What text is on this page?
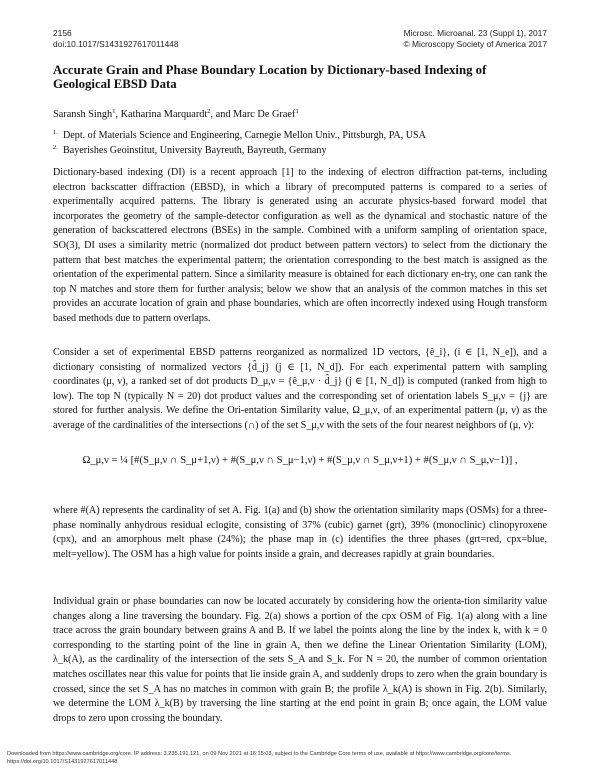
2156
doi:10.1017/S1431927617011448
Microsc. Microanal. 23 (Suppl 1), 2017
© Microscopy Society of America 2017
Accurate Grain and Phase Boundary Location by Dictionary-based Indexing of Geological EBSD Data
Saransh Singh$^1$, Katharina Marquardt$^2$, and Marc De Graef$^1$
1. Dept. of Materials Science and Engineering, Carnegie Mellon Univ., Pittsburgh, PA, USA
2. Bayerishes Geoinstitut, University Bayreuth, Bayreuth, Germany
Dictionary-based indexing (DI) is a recent approach [1] to the indexing of electron diffraction pat-terns, including electron backscatter diffraction (EBSD), in which a library of precomputed patterns is compared to a series of experimentally acquired patterns. The library is generated using an accurate physics-based forward model that incorporates the geometry of the sample-detector configuration as well as the dynamical and stochastic nature of the generation of backscattered electrons (BSEs) in the sample. Combined with a uniform sampling of orientation space, SO(3), DI uses a similarity metric (normalized dot product between pattern vectors) to select from the dictionary the pattern that best matches the experimental pattern; the orientation corresponding to the best match is assigned as the orientation of the experimental pattern. Since a similarity measure is obtained for each dictionary en-try, one can rank the top N matches and store them for further analysis; below we show that an analysis of the common matches in this set provides an accurate location of grain and phase boundaries, which are often incorrectly indexed using Hough transform based methods due to pattern overlaps.
Consider a set of experimental EBSD patterns reorganized as normalized 1D vectors, {ê_i}, (i ∈ [1, N_e]), and a dictionary consisting of normalized vectors {d̂_j} (j ∈ [1, N_d]). For each experimental pattern with sampling coordinates (μ, ν), a ranked set of dot products D_μ,ν = {ê_μ,ν · d̂_j} (j ∈ [1, N_d]) is computed (ranked from high to low). The top N (typically N = 20) dot product values and the corresponding set of orientation labels S_μ,ν = {j} are stored for further analysis. We define the Ori-entation Similarity value, Ω_μ,ν, of an experimental pattern (μ, ν) as the average of the cardinalities of the intersections (∩) of the set S_μ,ν with the sets of the four nearest neighbors of (μ, ν):
Ω_μ,ν = ¼ [#(S_μ,ν ∩ S_μ+1,ν) + #(S_μ,ν ∩ S_μ−1,ν) + #(S_μ,ν ∩ S_μ,ν+1) + #(S_μ,ν ∩ S_μ,ν−1)] ,
where #(A) represents the cardinality of set A. Fig. 1(a) and (b) show the orientation similarity maps (OSMs) for a three-phase nominally anhydrous residual eclogite, consisting of 37% (cubic) garnet (grt), 39% (monoclinic) clinopyroxene (cpx), and an amorphous melt phase (24%); the phase map in (c) identifies the three phases (grt=red, cpx=blue, melt=yellow). The OSM has a high value for points inside a grain, and decreases rapidly at grain boundaries.
Individual grain or phase boundaries can now be located accurately by considering how the orienta-tion similarity value changes along a line traversing the boundary. Fig. 2(a) shows a portion of the cpx OSM of Fig. 1(a) along with a line trace across the grain boundary between grains A and B. If we label the points along the line by the index k, with k = 0 corresponding to the starting point of the line in grain A, then we define the Linear Orientation Similarity (LOM), λ_k(A), as the cardinality of the intersection of the sets S_A and S_k. For N = 20, the number of common orientation matches oscillates near this value for points that lie inside grain A, and suddenly drops to zero when the grain boundary is crossed, since the set S_A has no matches in common with grain B; the profile λ_k(A) is shown in Fig. 2(b). Similarly, we determine the LOM λ_k(B) by traversing the line starting at the end point in grain B; once again, the LOM value drops to zero upon crossing the boundary.
Downloaded from https://www.cambridge.org/core. IP address: 3.235.191.121, on 09 Nov 2021 at 16:15:03, subject to the Cambridge Core terms of use, available at https://www.cambridge.org/core/terms.
https://doi.org/10.1017/S1431927617011448
